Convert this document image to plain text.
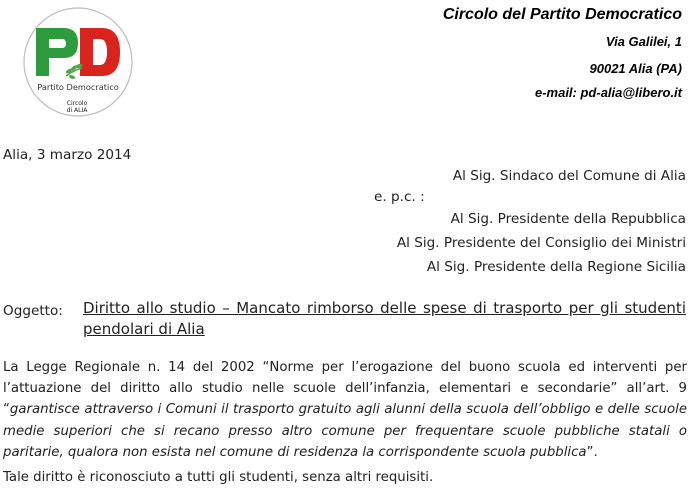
Partito Democratico
Circolo
di ALIA
Circolo del Partito Democratico
Via Galilei, 1
90021 Alia (PA)
e-mail: pd-alia@libero.it
Alia, 3 marzo 2014
Al Sig. Sindaco del Comune di Alia
e. p.c. :
Al Sig. Presidente della Repubblica
Al Sig. Presidente del Consiglio dei Ministri
Al Sig. Presidente della Regione Sicilia
Oggetto: Diritto allo studio – Mancato rimborso delle spese di trasporto per gli studenti pendolari di Alia
La Legge Regionale n. 14 del 2002 “Norme per l’erogazione del buono scuola ed interventi per l’attuazione del diritto allo studio nelle scuole dell’infanzia, elementari e secondarie” all’art. 9 “garantisce attraverso i Comuni il trasporto gratuito agli alunni della scuola dell’obbligo e delle scuole medie superiori che si recano presso altro comune per frequentare scuole pubbliche statali o paritarie, qualora non esista nel comune di residenza la corrispondente scuola pubblica”.
Tale diritto è riconosciuto a tutti gli studenti, senza altri requisiti.
